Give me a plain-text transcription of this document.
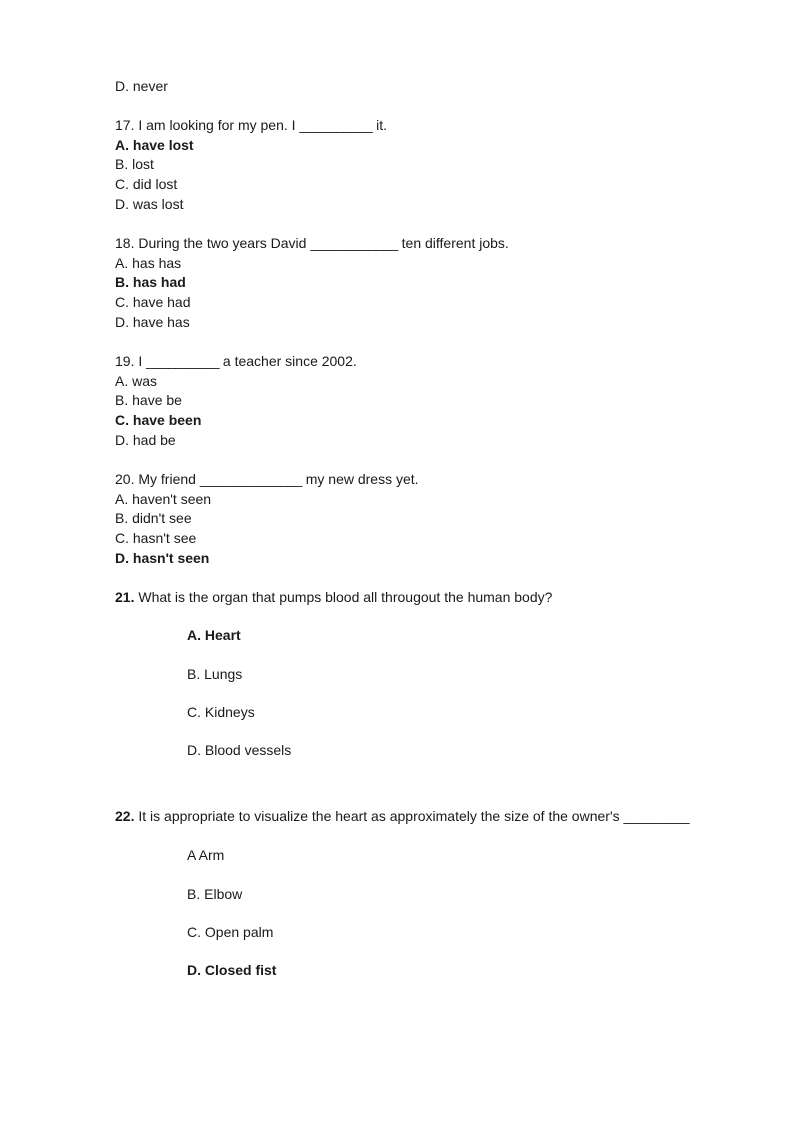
D. never
17. I am looking for my pen. I __________ it.
A. have lost
B. lost
C. did lost
D. was lost
18. During the two years David ____________ ten different jobs.
A. has has
B. has had
C. have had
D. have has
19. I __________ a teacher since 2002.
A. was
B. have be
C. have been
D. had be
20. My friend ______________ my new dress yet.
A. haven't seen
B. didn't see
C. hasn't see
D. hasn't seen
21. What is the organ that pumps blood all througout the human body?
A. Heart
B. Lungs
C. Kidneys
D. Blood vessels
22. It is appropriate to visualize the heart as approximately the size of the owner's _________
A Arm
B. Elbow
C. Open palm
D. Closed fist
